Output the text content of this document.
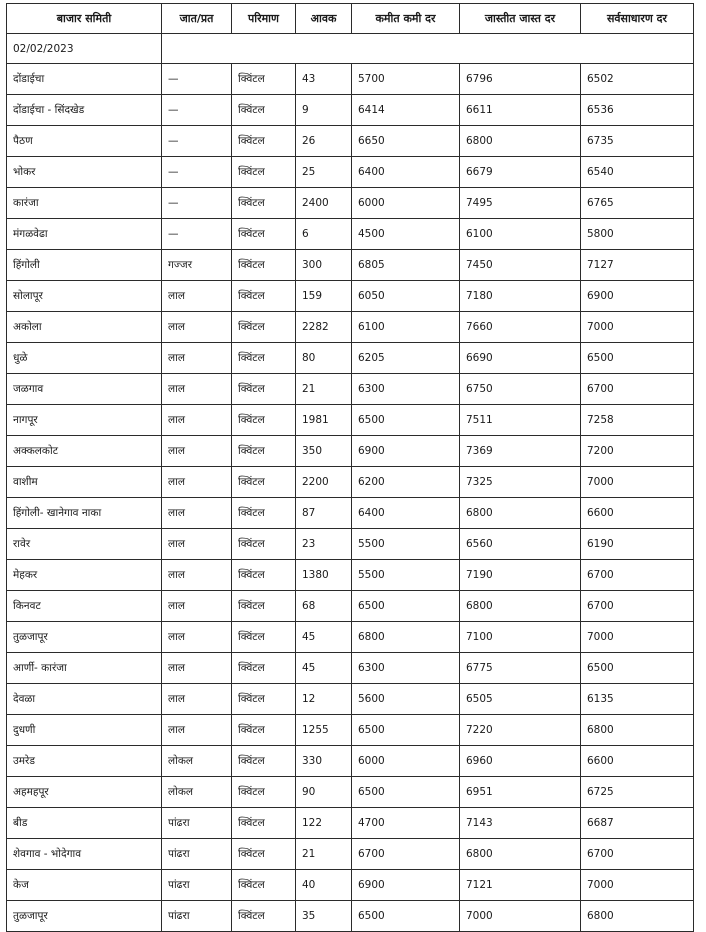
बाजार समिती	जात/प्रत	परिमाण	आवक	कमीत कमी दर	जास्तीत जास्त दर	सर्वसाधारण दर
02/02/2023						
दोंडाईचा	—	क्विंटल	43	5700	6796	6502
दोंडाईचा - सिंदखेड	—	क्विंटल	9	6414	6611	6536
पैठण	—	क्विंटल	26	6650	6800	6735
भोकर	—	क्विंटल	25	6400	6679	6540
कारंजा	—	क्विंटल	2400	6000	7495	6765
मंगळवेढा	—	क्विंटल	6	4500	6100	5800
हिंगोली	गज्जर	क्विंटल	300	6805	7450	7127
सोलापूर	लाल	क्विंटल	159	6050	7180	6900
अकोला	लाल	क्विंटल	2282	6100	7660	7000
धुळे	लाल	क्विंटल	80	6205	6690	6500
जळगाव	लाल	क्विंटल	21	6300	6750	6700
नागपूर	लाल	क्विंटल	1981	6500	7511	7258
अक्कलकोट	लाल	क्विंटल	350	6900	7369	7200
वाशीम	लाल	क्विंटल	2200	6200	7325	7000
हिंगोली- खानेगाव नाका	लाल	क्विंटल	87	6400	6800	6600
रावेर	लाल	क्विंटल	23	5500	6560	6190
मेहकर	लाल	क्विंटल	1380	5500	7190	6700
किनवट	लाल	क्विंटल	68	6500	6800	6700
तुळजापूर	लाल	क्विंटल	45	6800	7100	7000
आर्णी- कारंजा	लाल	क्विंटल	45	6300	6775	6500
देवळा	लाल	क्विंटल	12	5600	6505	6135
दुधणी	लाल	क्विंटल	1255	6500	7220	6800
उमरेड	लोकल	क्विंटल	330	6000	6960	6600
अहमहपूर	लोकल	क्विंटल	90	6500	6951	6725
बीड	पांढरा	क्विंटल	122	4700	7143	6687
शेवगाव - भोदेगाव	पांढरा	क्विंटल	21	6700	6800	6700
केज	पांढरा	क्विंटल	40	6900	7121	7000
तुळजापूर	पांढरा	क्विंटल	35	6500	7000	6800
